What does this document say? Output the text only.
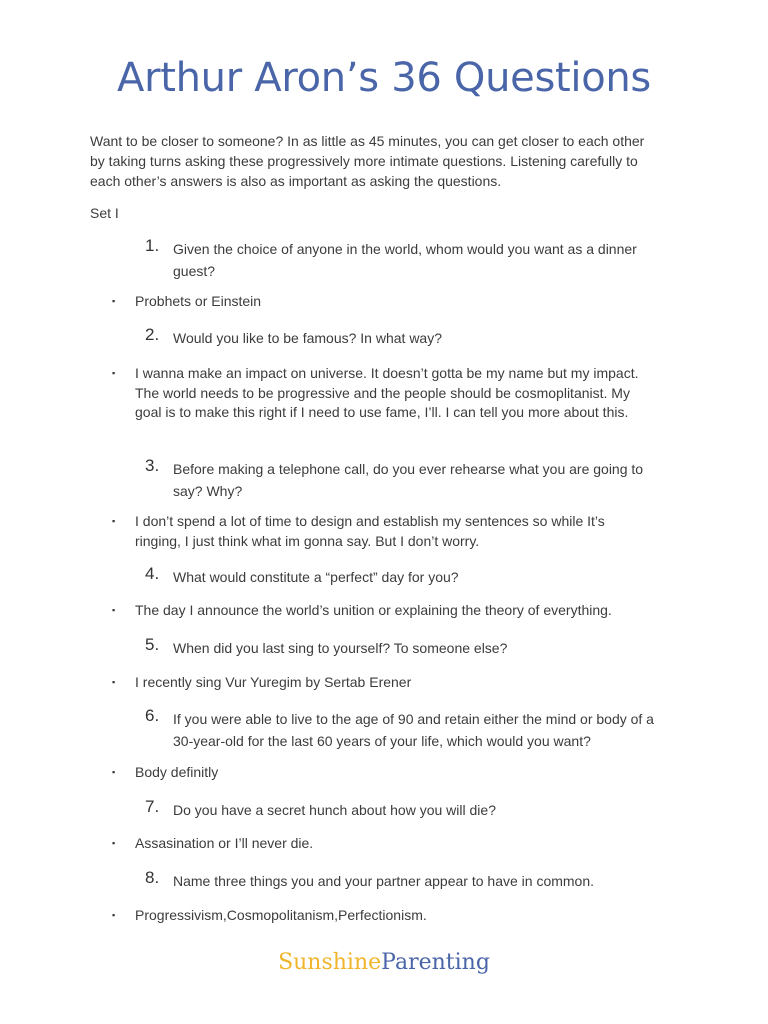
Arthur Aron’s 36 Questions
Want to be closer to someone? In as little as 45 minutes, you can get closer to each other by taking turns asking these progressively more intimate questions. Listening carefully to each other’s answers is also as important as asking the questions.
Set I
1. Given the choice of anyone in the world, whom would you want as a dinner guest?
▪ Probhets or Einstein
2. Would you like to be famous? In what way?
▪ I wanna make an impact on universe. It doesn’t gotta be my name but my impact. The world needs to be progressive and the people should be cosmoplitanist. My goal is to make this right if I need to use fame, I’ll. I can tell you more about this.
3. Before making a telephone call, do you ever rehearse what you are going to say? Why?
▪ I don’t spend a lot of time to design and establish my sentences so while It’s ringing, I just think what im gonna say. But I don’t worry.
4. What would constitute a “perfect” day for you?
▪ The day I announce the world’s unition or explaining the theory of everything.
5. When did you last sing to yourself? To someone else?
▪ I recently sing Vur Yuregim by Sertab Erener
6. If you were able to live to the age of 90 and retain either the mind or body of a 30-year-old for the last 60 years of your life, which would you want?
▪ Body definitly
7. Do you have a secret hunch about how you will die?
▪ Assasination or I’ll never die.
8. Name three things you and your partner appear to have in common.
▪ Progressivism,Cosmopolitanism,Perfectionism.
SunshineParenting
